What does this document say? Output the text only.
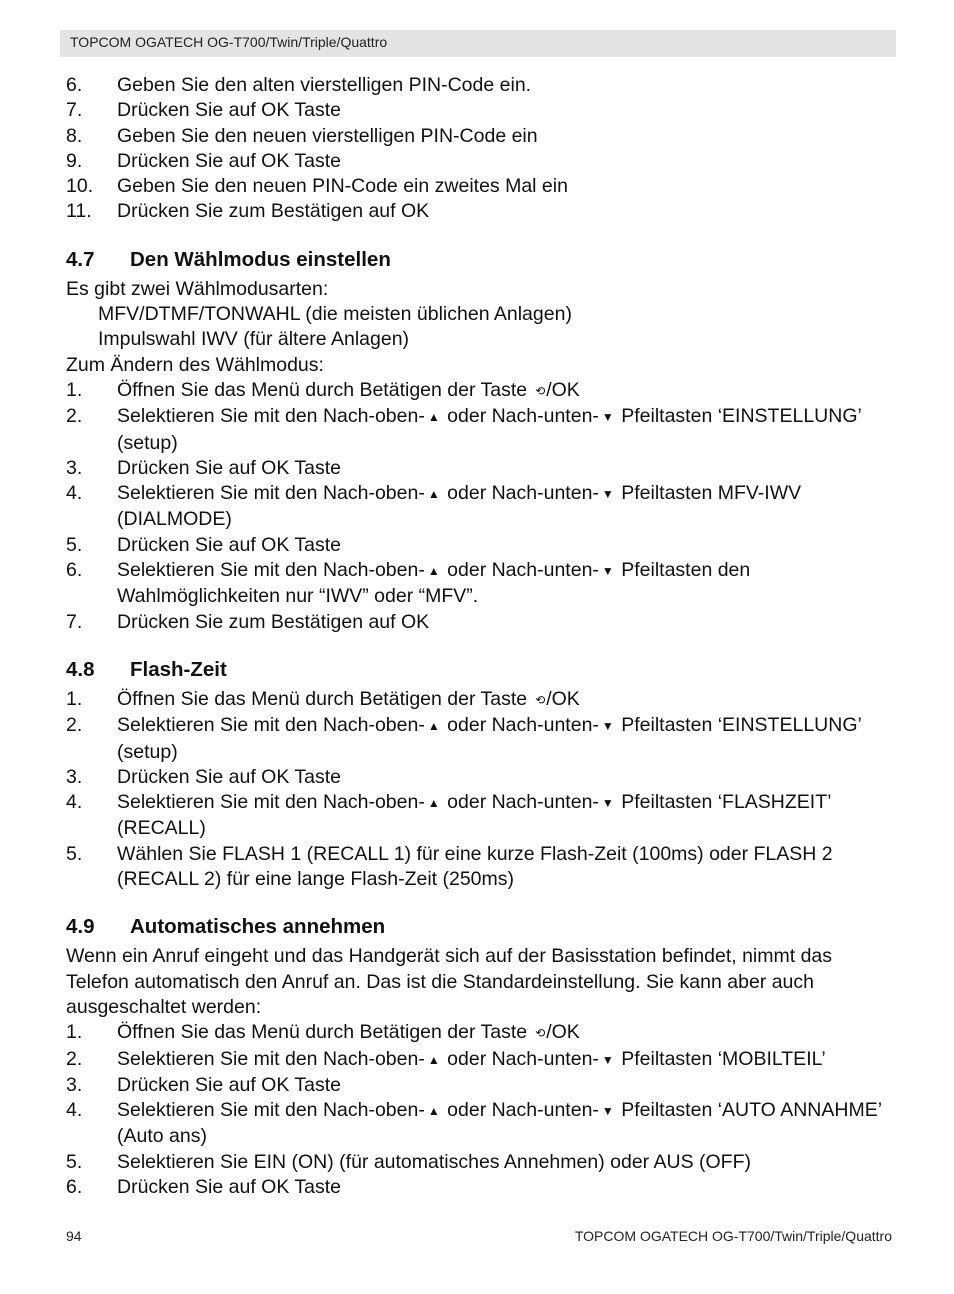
TOPCOM OGATECH OG-T700/Twin/Triple/Quattro
6. Geben Sie den alten vierstelligen PIN-Code ein.
7. Drücken Sie auf OK Taste
8. Geben Sie den neuen vierstelligen PIN-Code ein
9. Drücken Sie auf OK Taste
10. Geben Sie den neuen PIN-Code ein zweites Mal ein
11. Drücken Sie zum Bestätigen auf OK
4.7 Den Wählmodus einstellen
Es gibt zwei Wählmodusarten:
MFV/DTMF/TONWAHL (die meisten üblichen Anlagen)
Impulswahl IWV (für ältere Anlagen)
Zum Ändern des Wählmodus:
1. Öffnen Sie das Menü durch Betätigen der Taste ⟲/OK
2. Selektieren Sie mit den Nach-oben- ▲ oder Nach-unten- ▼ Pfeiltasten ‘EINSTELLUNG’ (setup)
3. Drücken Sie auf OK Taste
4. Selektieren Sie mit den Nach-oben- ▲ oder Nach-unten- ▼ Pfeiltasten MFV-IWV (DIALMODE)
5. Drücken Sie auf OK Taste
6. Selektieren Sie mit den Nach-oben- ▲ oder Nach-unten- ▼ Pfeiltasten den Wahlmöglichkeiten nur “IWV” oder “MFV”.
7. Drücken Sie zum Bestätigen auf OK
4.8 Flash-Zeit
1. Öffnen Sie das Menü durch Betätigen der Taste ⟲/OK
2. Selektieren Sie mit den Nach-oben- ▲ oder Nach-unten- ▼ Pfeiltasten ‘EINSTELLUNG’ (setup)
3. Drücken Sie auf OK Taste
4. Selektieren Sie mit den Nach-oben- ▲ oder Nach-unten- ▼ Pfeiltasten ‘FLASHZEIT’ (RECALL)
5. Wählen Sie FLASH 1 (RECALL 1) für eine kurze Flash-Zeit (100ms) oder FLASH 2 (RECALL 2) für eine lange Flash-Zeit (250ms)
4.9 Automatisches annehmen
Wenn ein Anruf eingeht und das Handgerät sich auf der Basisstation befindet, nimmt das Telefon automatisch den Anruf an. Das ist die Standardeinstellung. Sie kann aber auch ausgeschaltet werden:
1. Öffnen Sie das Menü durch Betätigen der Taste ⟲/OK
2. Selektieren Sie mit den Nach-oben- ▲ oder Nach-unten- ▼ Pfeiltasten ‘MOBILTEIL’
3. Drücken Sie auf OK Taste
4. Selektieren Sie mit den Nach-oben- ▲ oder Nach-unten- ▼ Pfeiltasten ‘AUTO ANNAHME’ (Auto ans)
5. Selektieren Sie EIN (ON) (für automatisches Annehmen) oder AUS (OFF)
6. Drücken Sie auf OK Taste
94	TOPCOM OGATECH OG-T700/Twin/Triple/Quattro
